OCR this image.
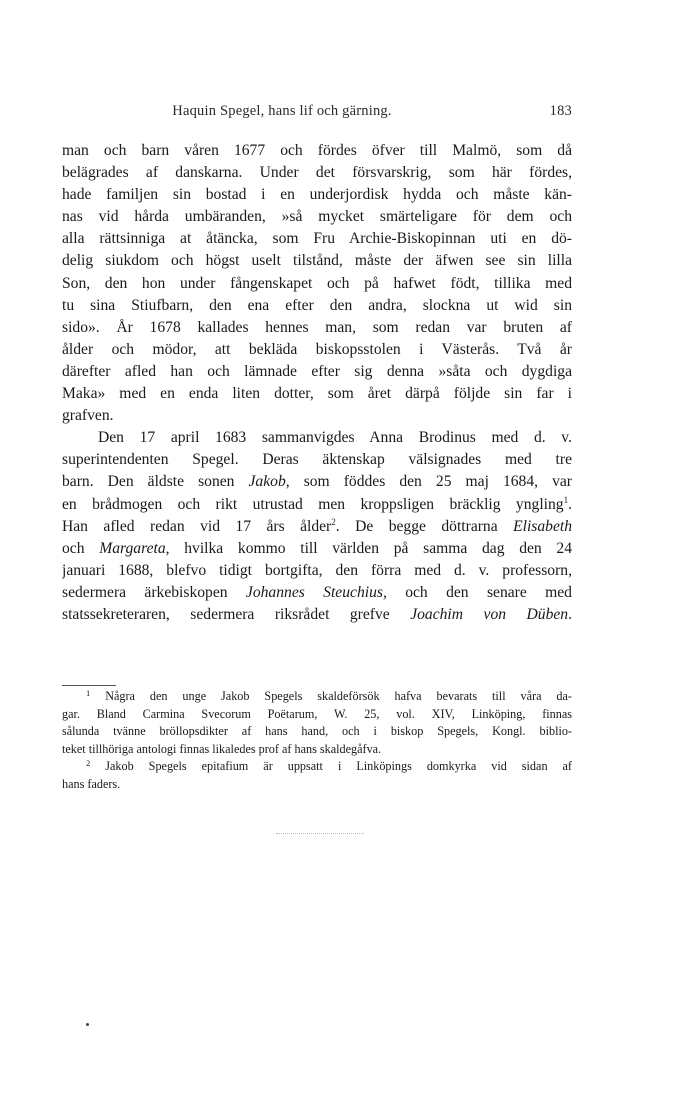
Haquin Spegel, hans lif och gärning.	183
man och barn våren 1677 och fördes öfver till Malmö, som då
belägrades af danskarna. Under det försvarskrig, som här fördes,
hade familjen sin bostad i en underjordisk hydda och måste kän-
nas vid hårda umbäranden, »så mycket smärteligare för dem och
alla rättsinniga at åtäncka, som Fru Archie-Biskopinnan uti en dö-
delig siukdom och högst uselt tilstånd, måste der äfwen see sin lilla
Son, den hon under fångenskapet och på hafwet födt, tillika med
tu sina Stiufbarn, den ena efter den andra, slockna ut wid sin
sido». År 1678 kallades hennes man, som redan var bruten af
ålder och mödor, att bekläda biskopsstolen i Västerås. Två år
därefter afled han och lämnade efter sig denna »såta och dygdiga
Maka» med en enda liten dotter, som året därpå följde sin far i
grafven.
Den 17 april 1683 sammanvigdes Anna Brodinus med d. v.
superintendenten Spegel. Deras äktenskap välsignades med tre
barn. Den äldste sonen Jakob, som föddes den 25 maj 1684, var
en brådmogen och rikt utrustad men kroppsligen bräcklig yngling$^1$.
Han afled redan vid 17 års ålder$^2$. De begge döttrarna Elisabeth
och Margareta, hvilka kommo till världen på samma dag den 24
januari 1688, blefvo tidigt bortgifta, den förra med d. v. professorn,
sedermera ärkebiskopen Johannes Steuchius, och den senare med
statssekreteraren, sedermera riksrådet grefve Joachim von Düben.
$^1$ Några den unge Jakob Spegels skaldeförsök hafva bevarats till våra da-
gar. Bland Carmina Svecorum Poëtarum, W. 25, vol. XIV, Linköping, finnas
sålunda tvänne bröllopsdikter af hans hand, och i biskop Spegels, Kongl. biblio-
teket tillhöriga antologi finnas likaledes prof af hans skaldegåfva.
$^2$ Jakob Spegels epitafium är uppsatt i Linköpings domkyrka vid sidan af
hans faders.
